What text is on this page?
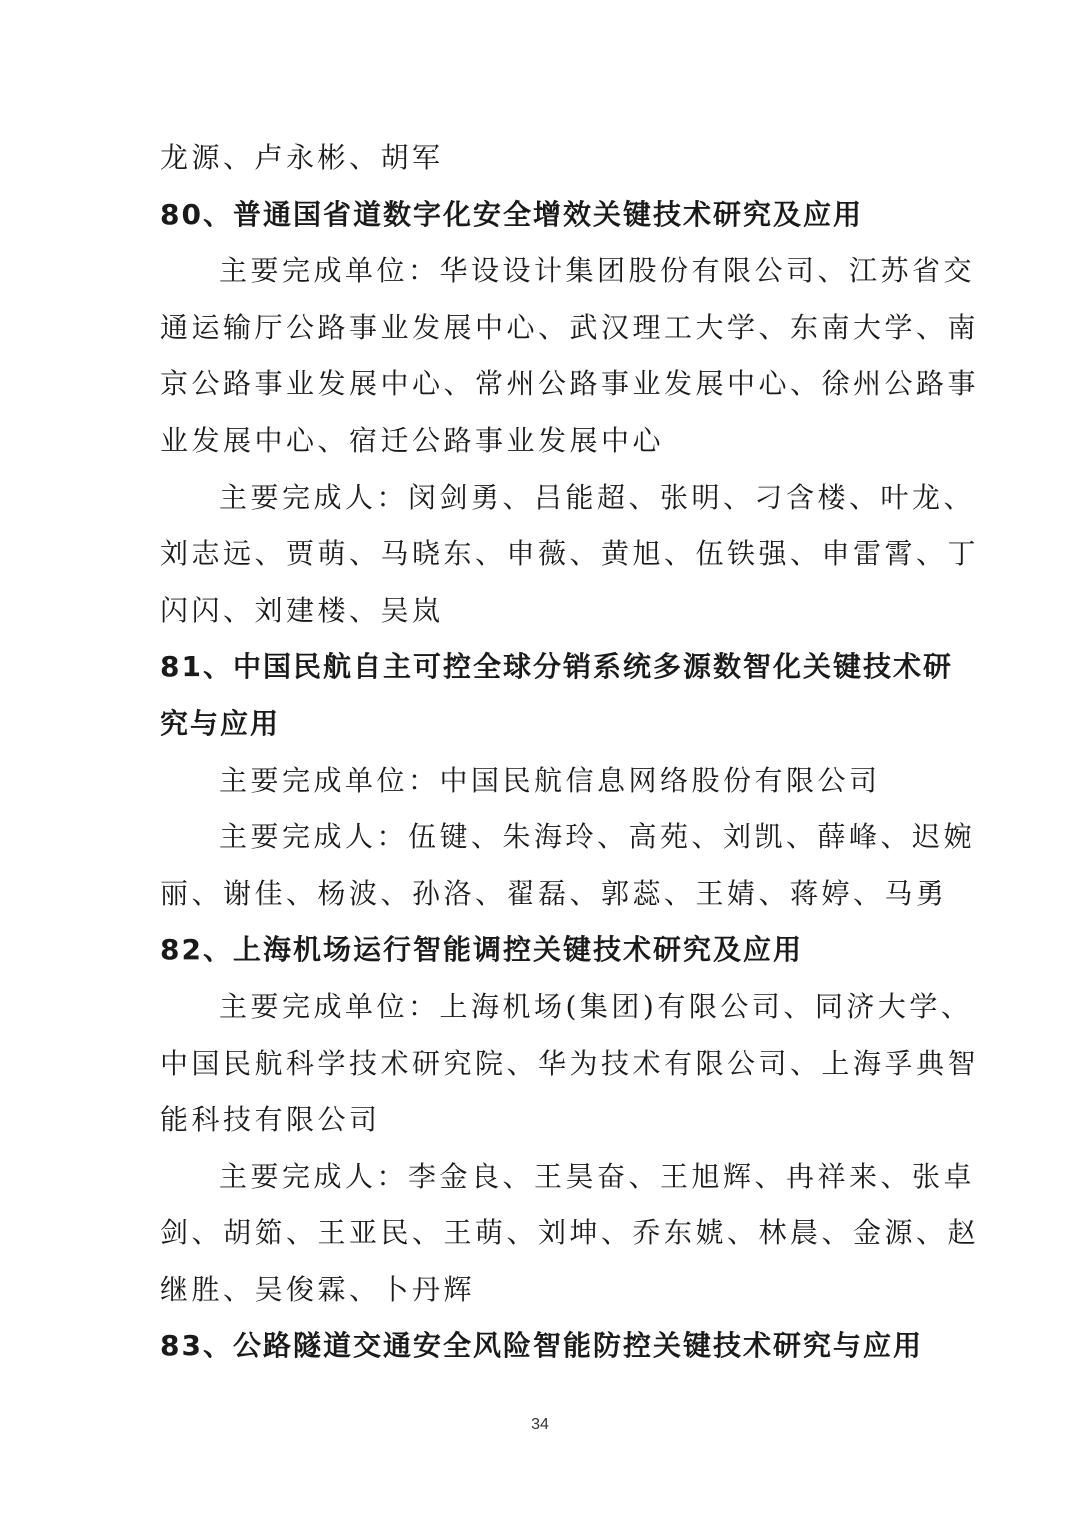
龙源、卢永彬、胡军

80、普通国省道数字化安全增效关键技术研究及应用

主要完成单位：华设设计集团股份有限公司、江苏省交

通运输厅公路事业发展中心、武汉理工大学、东南大学、南

京公路事业发展中心、常州公路事业发展中心、徐州公路事

业发展中心、宿迁公路事业发展中心

主要完成人：闵剑勇、吕能超、张明、刁含楼、叶龙、

刘志远、贾萌、马晓东、申薇、黄旭、伍铁强、申雷霄、丁

闪闪、刘建楼、吴岚

81、中国民航自主可控全球分销系统多源数智化关键技术研

究与应用

主要完成单位：中国民航信息网络股份有限公司

主要完成人：伍键、朱海玲、高苑、刘凯、薛峰、迟婉

丽、谢佳、杨波、孙洛、翟磊、郭蕊、王婧、蒋婷、马勇

82、上海机场运行智能调控关键技术研究及应用

主要完成单位：上海机场(集团)有限公司、同济大学、

中国民航科学技术研究院、华为技术有限公司、上海孚典智

能科技有限公司

主要完成人：李金良、王昊奋、王旭辉、冉祥来、张卓

剑、胡筎、王亚民、王萌、刘坤、乔东婋、林晨、金源、赵

继胜、吴俊霖、卜丹辉

83、公路隧道交通安全风险智能防控关键技术研究与应用

34
